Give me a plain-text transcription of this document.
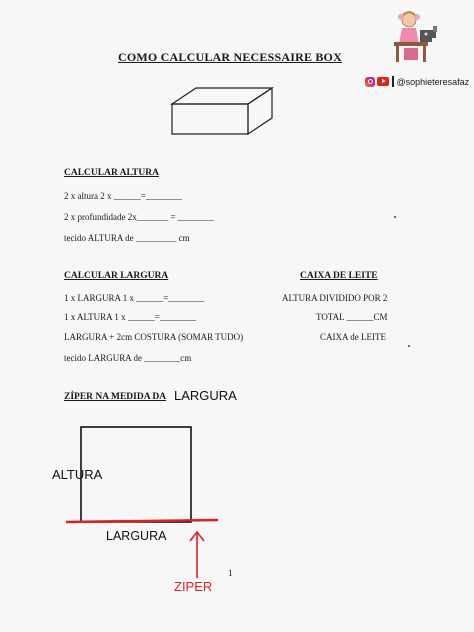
@sophieteresafaz
COMO CALCULAR NECESSAIRE BOX
CALCULAR ALTURA
2 x altura 2 x ______=________
2 x profundidade 2x_______ = ________
tecido ALTURA de _________ cm
CALCULAR LARGURA
1 x LARGURA 1 x ______=________
1 x ALTURA 1 x ______=________
LARGURA + 2cm COSTURA (SOMAR TUDO)
tecido LARGURA de ________cm
CAIXA DE LEITE
ALTURA DIVIDIDO POR 2
TOTAL ______CM
CAIXA de LEITE
ZÍPER NA MEDIDA DA LARGURA
ALTURA
LARGURA
ZIPER
1
